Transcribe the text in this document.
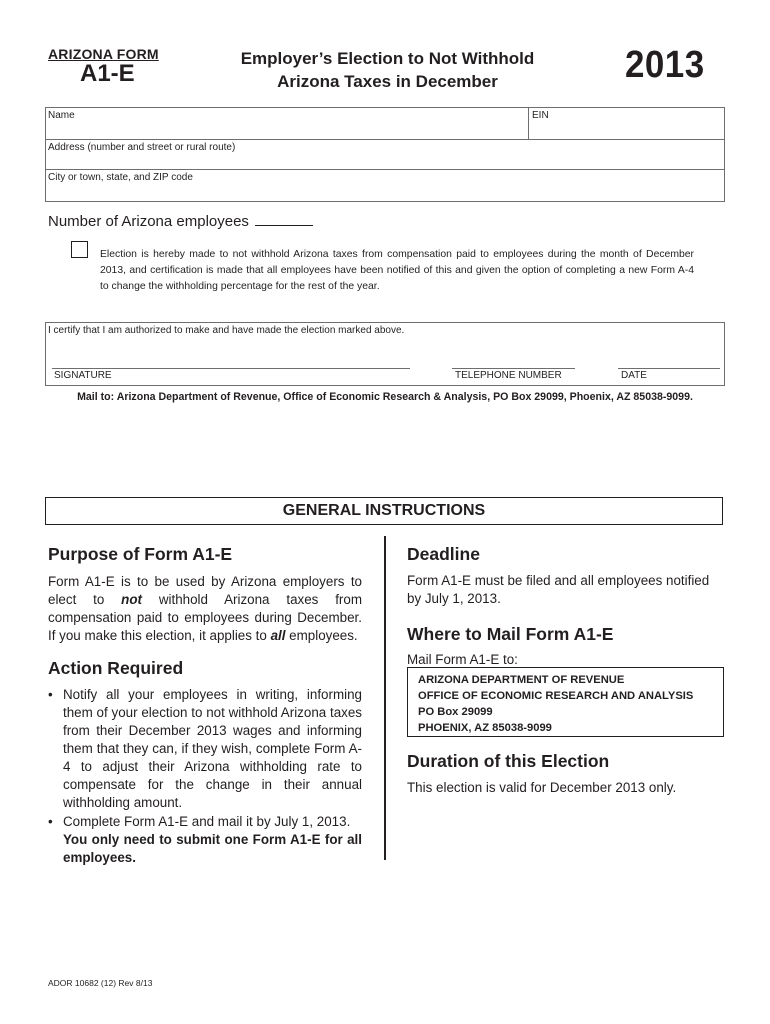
ARIZONA FORM
A1-E
Employer’s Election to Not Withhold
Arizona Taxes in December	2013
Name	EIN
Address (number and street or rural route)
City or town, state, and ZIP code
Number of Arizona employees
Election is hereby made to not withhold Arizona taxes from compensation paid to employees during the month of December 2013, and certification is made that all employees have been notified of this and given the option of completing a new Form A-4 to change the withholding percentage for the rest of the year.
I certify that I am authorized to make and have made the election marked above.
SIGNATURE	TELEPHONE NUMBER	DATE
Mail to: Arizona Department of Revenue, Office of Economic Research & Analysis, PO Box 29099, Phoenix, AZ 85038-9099.
GENERAL INSTRUCTIONS
Purpose of Form A1-E
Form A1-E is to be used by Arizona employers to elect to not withhold Arizona taxes from compensation paid to employees during December. If you make this election, it applies to all employees.
Action Required
• Notify all your employees in writing, informing them of your election to not withhold Arizona taxes from their December 2013 wages and informing them that they can, if they wish, complete Form A-4 to adjust their Arizona withholding rate to compensate for the change in their annual withholding amount.
• Complete Form A1-E and mail it by July 1, 2013.
You only need to submit one Form A1-E for all employees.
Deadline
Form A1-E must be filed and all employees notified by July 1, 2013.
Where to Mail Form A1-E
Mail Form A1-E to:
ARIZONA DEPARTMENT OF REVENUE
OFFICE OF ECONOMIC RESEARCH AND ANALYSIS
PO Box 29099
PHOENIX, AZ 85038-9099
Duration of this Election
This election is valid for December 2013 only.
ADOR 10682 (12) Rev 8/13
